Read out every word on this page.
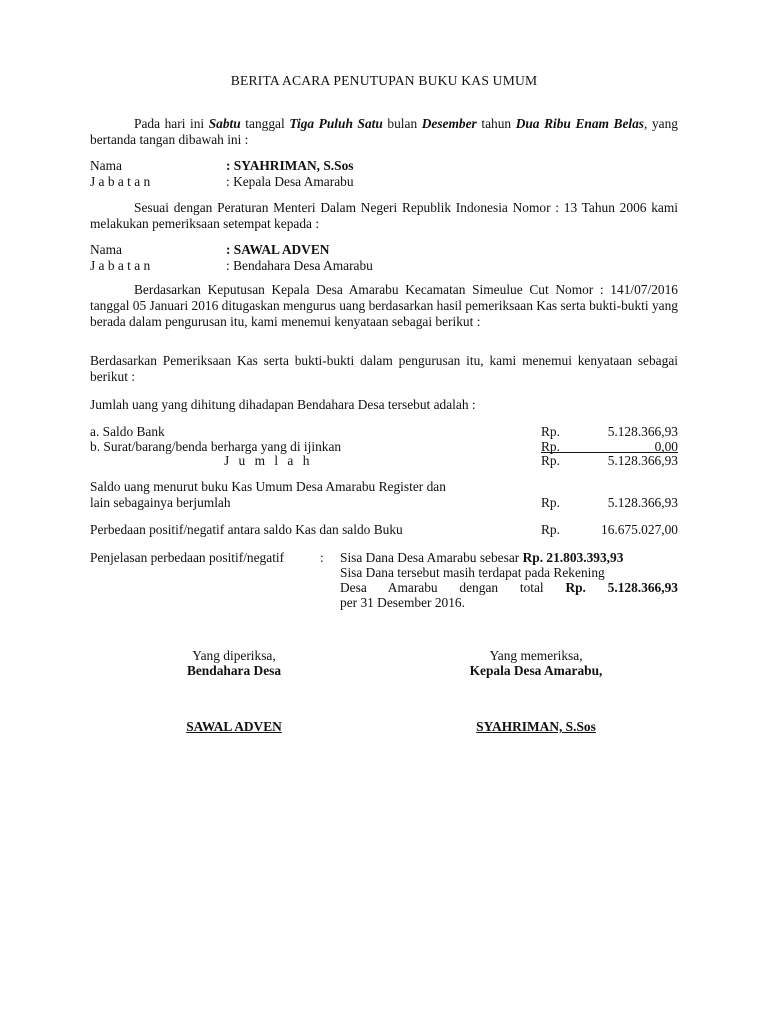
BERITA ACARA PENUTUPAN BUKU KAS UMUM
Pada hari ini Sabtu tanggal Tiga Puluh Satu bulan Desember tahun Dua Ribu Enam Belas, yang bertanda tangan dibawah ini :
Nama	: SYAHRIMAN, S.Sos
J a b a t a n	: Kepala Desa Amarabu
Sesuai dengan Peraturan Menteri Dalam Negeri Republik Indonesia Nomor : 13 Tahun 2006 kami melakukan pemeriksaan setempat kepada :
Nama	: SAWAL ADVEN
J a b a t a n	: Bendahara Desa Amarabu
Berdasarkan Keputusan Kepala Desa Amarabu Kecamatan Simeulue Cut Nomor : 141/07/2016 tanggal 05 Januari 2016 ditugaskan mengurus uang berdasarkan hasil pemeriksaan Kas serta bukti-bukti yang berada dalam pengurusan itu, kami menemui kenyataan sebagai berikut :
Berdasarkan Pemeriksaan Kas serta bukti-bukti dalam pengurusan itu, kami menemui kenyataan sebagai berikut :
Jumlah uang yang dihitung dihadapan Bendahara Desa tersebut adalah :
a. Saldo Bank	Rp.	5.128.366,93
b. Surat/barang/benda berharga yang di ijinkan	Rp.	0,00
J u m l a h	Rp.	5.128.366,93
Saldo uang menurut buku Kas Umum Desa Amarabu Register dan
lain sebagainya berjumlah	Rp.	5.128.366,93
Perbedaan positif/negatif antara saldo Kas dan saldo Buku	Rp.	16.675.027,00
Penjelasan perbedaan positif/negatif	: Sisa Dana Desa Amarabu sebesar Rp. 21.803.393,93
Sisa Dana tersebut masih terdapat pada Rekening
Desa Amarabu dengan total Rp. 5.128.366,93
per 31 Desember 2016.
Yang diperiksa,
Bendahara Desa
SAWAL ADVEN
Yang memeriksa,
Kepala Desa Amarabu,
SYAHRIMAN, S.Sos
